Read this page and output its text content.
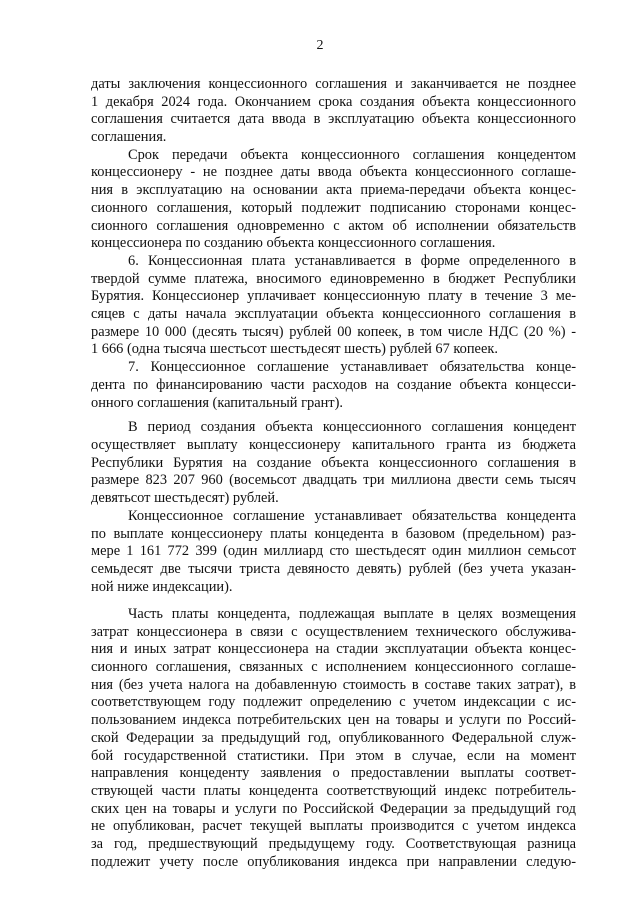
2
даты заключения концессионного соглашения и заканчивается не позднее
1 декабря 2024 года. Окончанием срока создания объекта концессионного
соглашения считается дата ввода в эксплуатацию объекта концессионного
соглашения.
Срок передачи объекта концессионного соглашения концедентом
концессионеру - не позднее даты ввода объекта концессионного соглаше-
ния в эксплуатацию на основании акта приема-передачи объекта концес-
сионного соглашения, который подлежит подписанию сторонами концес-
сионного соглашения одновременно с актом об исполнении обязательств
концессионера по созданию объекта концессионного соглашения.
6. Концессионная плата устанавливается в форме определенного в
твердой сумме платежа, вносимого единовременно в бюджет Республики
Бурятия. Концессионер уплачивает концессионную плату в течение 3 ме-
сяцев с даты начала эксплуатации объекта концессионного соглашения в
размере 10 000 (десять тысяч) рублей 00 копеек, в том числе НДС (20 %) -
1 666 (одна тысяча шестьсот шестьдесят шесть) рублей 67 копеек.
7. Концессионное соглашение устанавливает обязательства конце-
дента по финансированию части расходов на создание объекта концесси-
онного соглашения (капитальный грант).
В период создания объекта концессионного соглашения концедент
осуществляет выплату концессионеру капитального гранта из бюджета
Республики Бурятия на создание объекта концессионного соглашения в
размере 823 207 960 (восемьсот двадцать три миллиона двести семь тысяч
девятьсот шестьдесят) рублей.
Концессионное соглашение устанавливает обязательства концедента
по выплате концессионеру платы концедента в базовом (предельном) раз-
мере 1 161 772 399 (один миллиард сто шестьдесят один миллион семьсот
семьдесят две тысячи триста девяносто девять) рублей (без учета указан-
ной ниже индексации).
Часть платы концедента, подлежащая выплате в целях возмещения
затрат концессионера в связи с осуществлением технического обслужива-
ния и иных затрат концессионера на стадии эксплуатации объекта концес-
сионного соглашения, связанных с исполнением концессионного соглаше-
ния (без учета налога на добавленную стоимость в составе таких затрат), в
соответствующем году подлежит определению с учетом индексации с ис-
пользованием индекса потребительских цен на товары и услуги по Россий-
ской Федерации за предыдущий год, опубликованного Федеральной служ-
бой государственной статистики. При этом в случае, если на момент
направления концеденту заявления о предоставлении выплаты соответ-
ствующей части платы концедента соответствующий индекс потребитель-
ских цен на товары и услуги по Российской Федерации за предыдущий год
не опубликован, расчет текущей выплаты производится с учетом индекса
за год, предшествующий предыдущему году. Соответствующая разница
подлежит учету после опубликования индекса при направлении следую-
